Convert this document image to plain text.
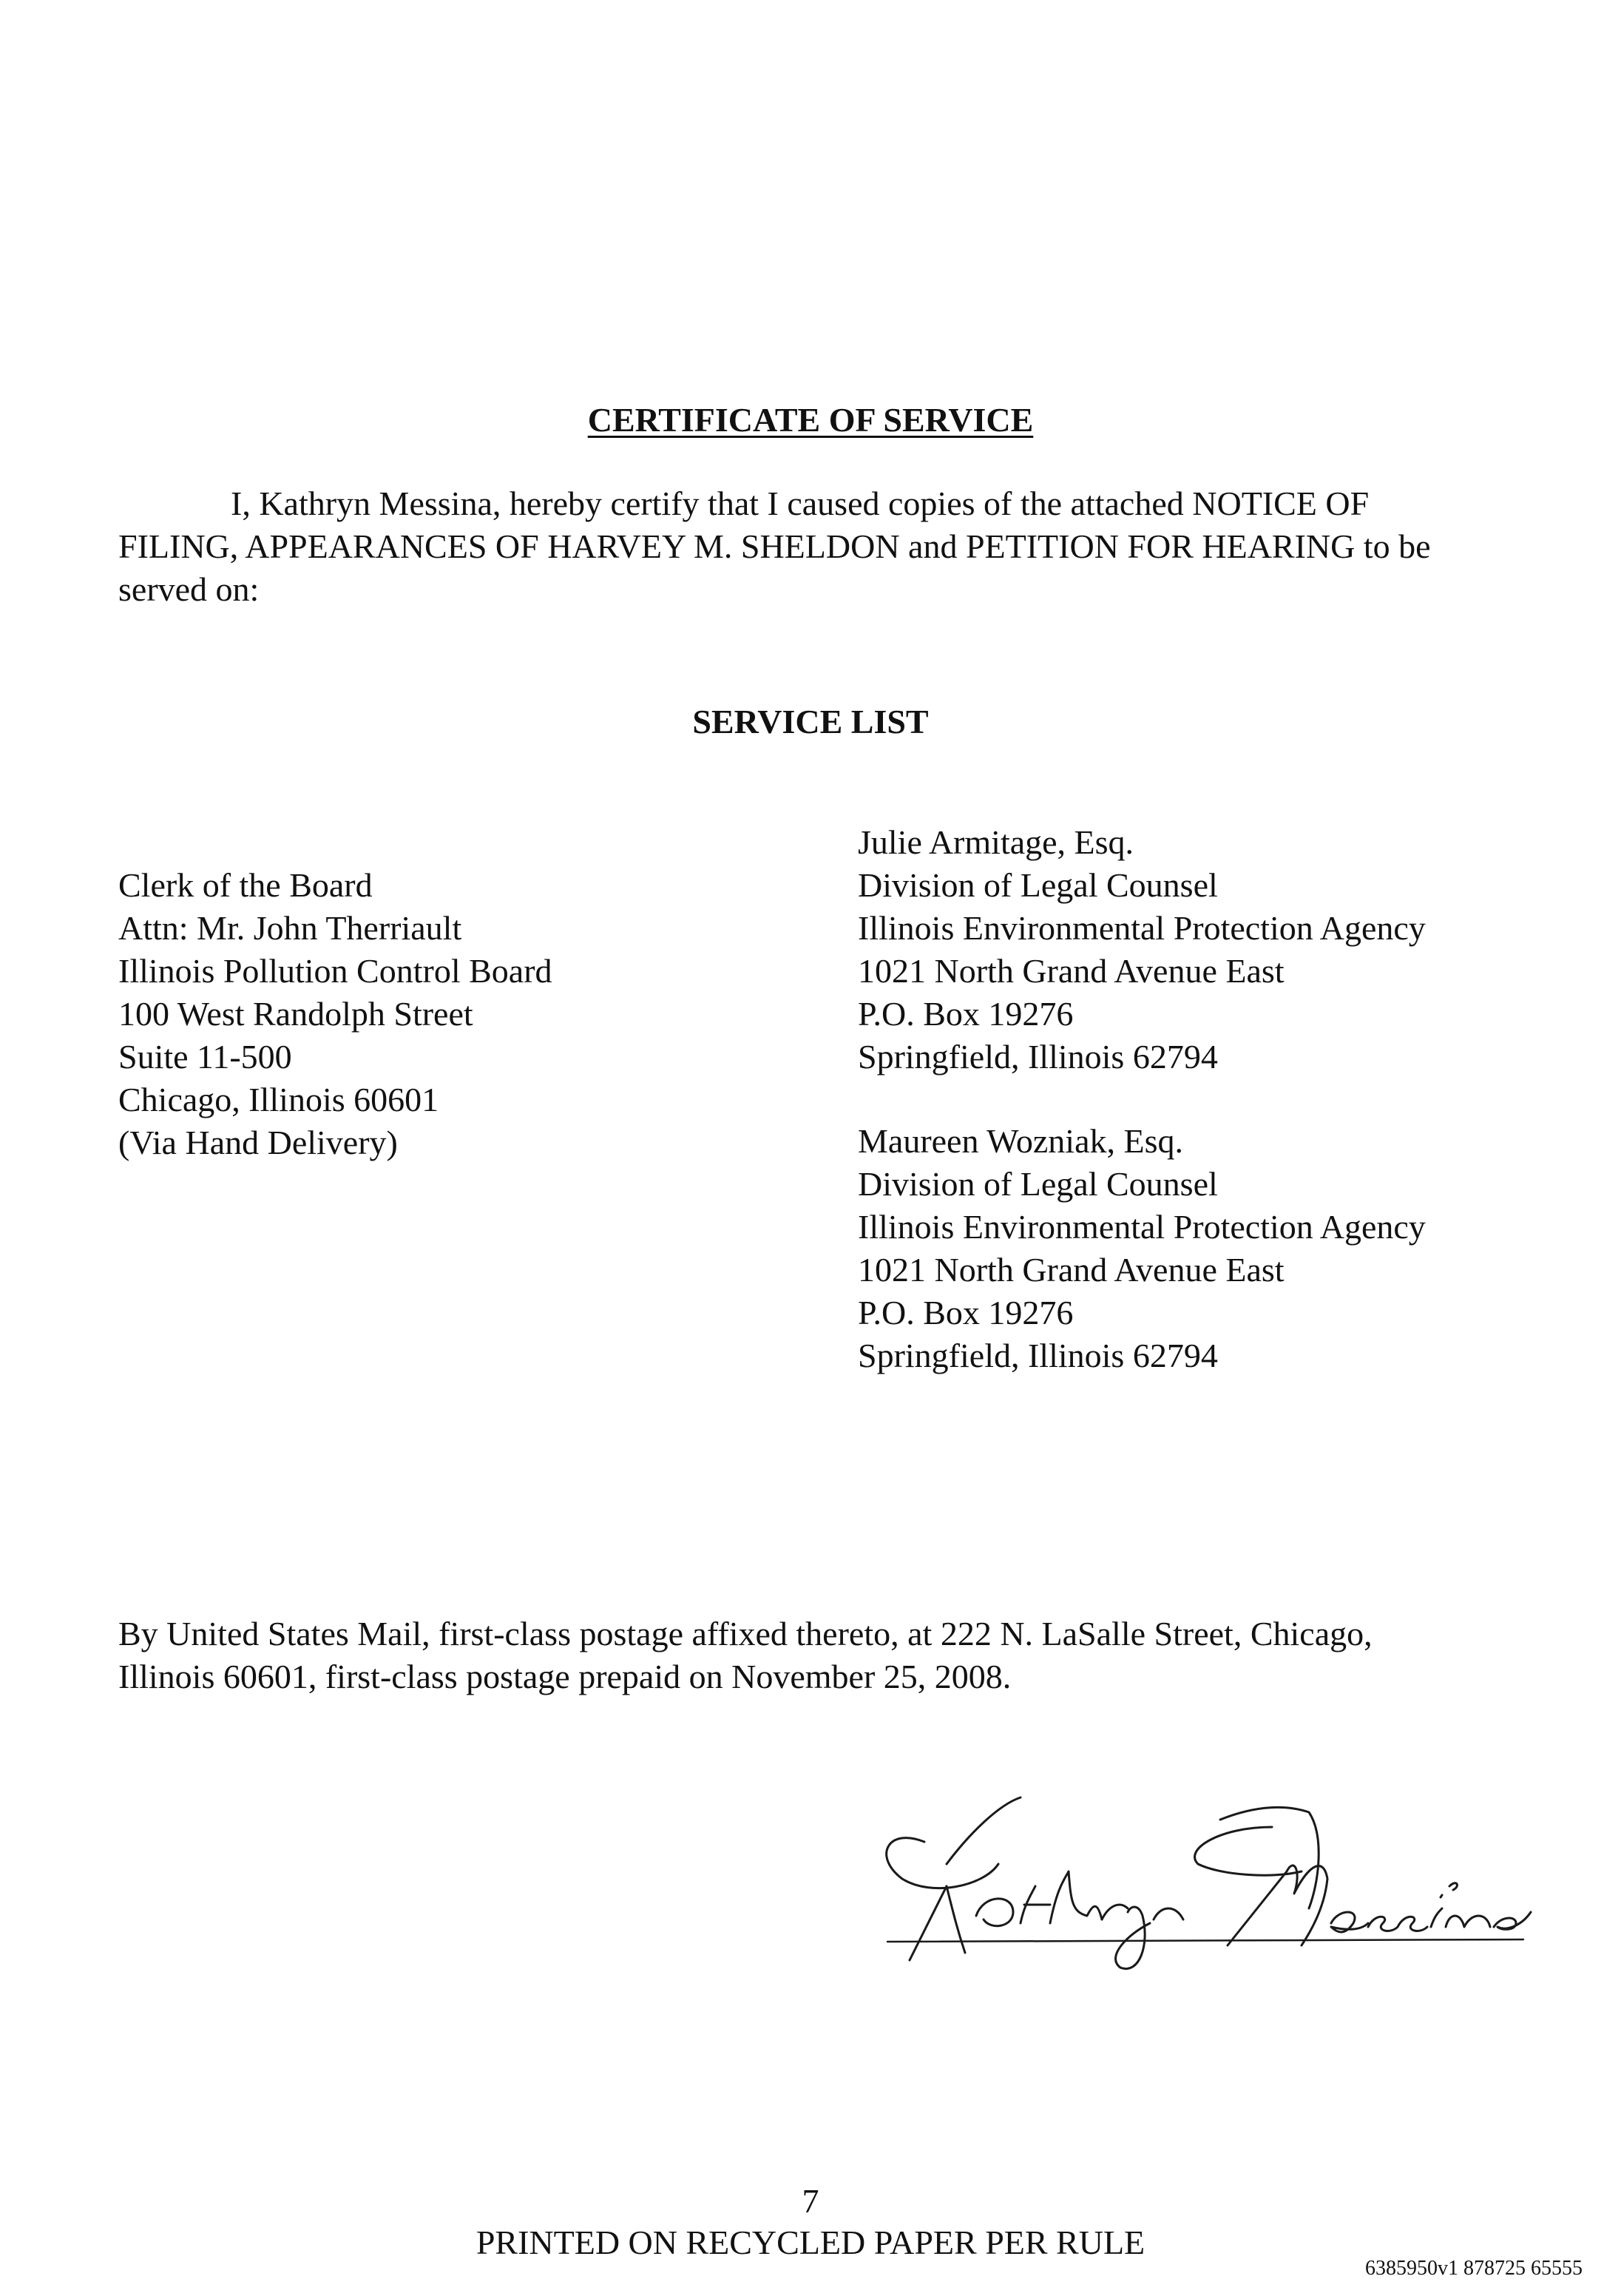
CERTIFICATE OF SERVICE
I, Kathryn Messina, hereby certify that I caused copies of the attached NOTICE OF
FILING, APPEARANCES OF HARVEY M. SHELDON and PETITION FOR HEARING to be
served on:
SERVICE LIST
Clerk of the Board
Attn: Mr. John Therriault
Illinois Pollution Control Board
100 West Randolph Street
Suite 11-500
Chicago, Illinois 60601
(Via Hand Delivery)
Julie Armitage, Esq.
Division of Legal Counsel
Illinois Environmental Protection Agency
1021 North Grand Avenue East
P.O. Box 19276
Springfield, Illinois 62794
Maureen Wozniak, Esq.
Division of Legal Counsel
Illinois Environmental Protection Agency
1021 North Grand Avenue East
P.O. Box 19276
Springfield, Illinois 62794
By United States Mail, first-class postage affixed thereto, at 222 N. LaSalle Street, Chicago,
Illinois 60601, first-class postage prepaid on November 25, 2008.
7
PRINTED ON RECYCLED PAPER PER RULE
6385950v1 878725 65555
